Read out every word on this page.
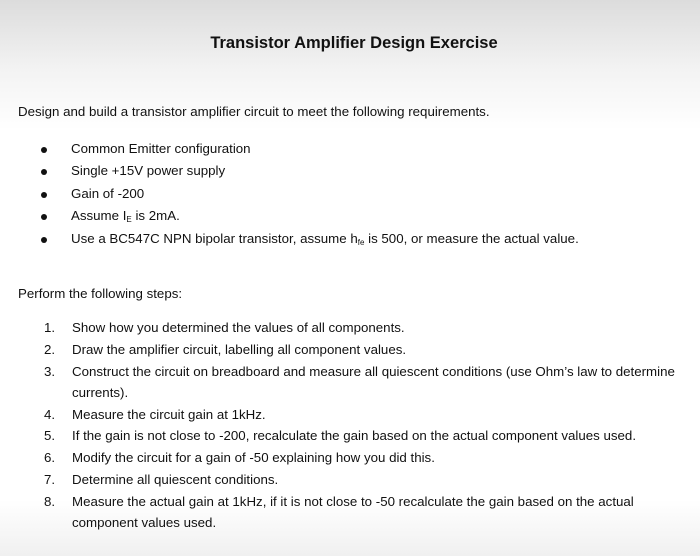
Transistor Amplifier Design Exercise

Design and build a transistor amplifier circuit to meet the following requirements.

Common Emitter configuration
Single +15V power supply
Gain of -200
Assume $I_E$ is 2mA.
Use a BC547C NPN bipolar transistor, assume $h_{fe}$ is 500, or measure the actual value.

Perform the following steps:

1. Show how you determined the values of all components.
2. Draw the amplifier circuit, labelling all component values.
3. Construct the circuit on breadboard and measure all quiescent conditions (use Ohm’s law to determine currents).
4. Measure the circuit gain at 1kHz.
5. If the gain is not close to -200, recalculate the gain based on the actual component values used.
6. Modify the circuit for a gain of -50 explaining how you did this.
7. Determine all quiescent conditions.
8. Measure the actual gain at 1kHz, if it is not close to -50 recalculate the gain based on the actual component values used.
